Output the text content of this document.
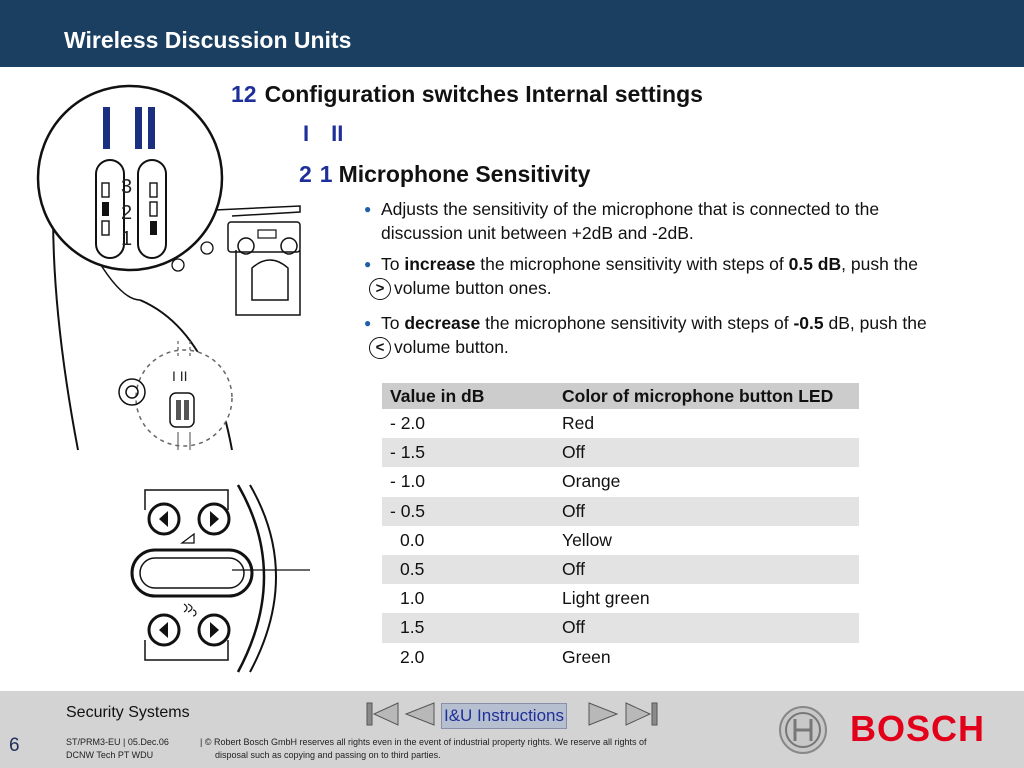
Wireless Discussion Units
3
2
1
I II
12 Configuration switches Internal settings
I II
2 1 Microphone Sensitivity
● Adjusts the sensitivity of the microphone that is connected to the discussion unit between +2dB and -2dB.
● To increase the microphone sensitivity with steps of 0.5 dB, push the
> volume button ones.
● To decrease the microphone sensitivity with steps of -0.5 dB, push the
< volume button.
Value in dB	Color of microphone button LED
- 2.0	Red
- 1.5	Off
- 1.0	Orange
- 0.5	Off
0.0	Yellow
0.5	Off
1.0	Light green
1.5	Off
2.0	Green
6
Security Systems
ST/PRM3-EU | 05.Dec.06
DCNW Tech PT WDU
| © Robert Bosch GmbH reserves all rights even in the event of industrial property rights. We reserve all rights of
disposal such as copying and passing on to third parties.
I&U Instructions	BOSCH
